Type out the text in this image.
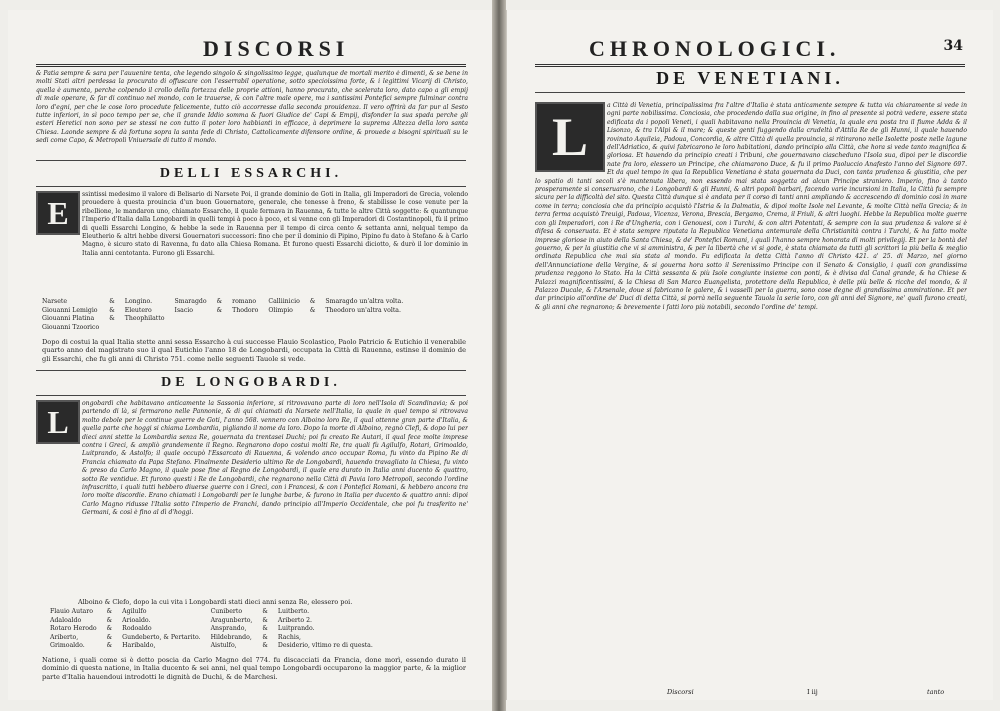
DISCORSI
& Patia sempre & sara per l'auuenire tenta, che legendo singolo & singolissimo legge, qualunque de mortali merito è dimenti, & se bene in molti Stati altri perdessa la procurato di offuscare con l'esserrabil operatione, sotto specioissima forte, & i legittimi Vicarij di Christo, quella è aumenta, perche colpendo il crollo della fortezza delle proprie attioni, hanno procurato, che scelerata loro, dato capo a gli empij di male operare, & far di continuo nel mondo, con le trauerse, & con l'altre male opere, ma i santissimi Pontefici sempre fulminar contra loro d'egni, per che le cose loro procedute felicemente, tutto ciò accorresse dalla seconda prouidenza. Il vero offrirà da far pur al Sesto tutte inferiori, in sì poco tempo per se, che il grande Iddio somma & fuori Giudice de' Capi & Empij, disfonder la sua spada perche gli esteri Heretici non sono per se stessi ne con tutto il poter loro habbianti in efficace, à deprimere la suprema Altezza della loro santa Chiesa. Laonde sempre & dà fortuna sopra la santa fede di Christo, Cattolicamente difensore ordine, & prouede a bisogni spirituali su le sedi come Capo, & Metropoli Vniuersale di tutto il mondo.
DELLI ESSARCHI.
E	ssintissi medesimo il valore di Belisario di Narsete Poi, il grande dominio de Goti in Italia, gli Imperadori de Grecia, volendo prouedere à questa prouincia d'un buon Gouernatore, generale, che tenesse à freno, & stabilisse le cose venute per la ribellione, le mandaron uno, chiamato Essarcho, il quale fermava in Rauenna, & tutte le altre Città soggette: & quantunque l'Imperio d'Italia dalla Longobardi in quelli tempi à poco à poco, et si venne con gli Imperadori di Costantinopoli, fù il primo di quelli Essarchi Longino, & hebbe la sede in Rauenna per il tempo di circa cento & settanta anni, nelqual tempo da Eleutherio & altri hebbe diversi Gouernatori successori: fino che per il dominio di Pipino, Pipino fu dato à Stefano & à Carlo Magno, è sicuro stato di Ravenna, fu dato alla Chiesa Romana. Et furono questi Essarchi diciotto, & durò il lor dominio in Italia anni centotanta. Furono gli Essarchi.
Narsete	&	Longino.	Smaragdo	&	romano	Calliinicio	&	Smaragdo un'altra volta.
Giouanni Lemigio	&	Eleutero	Isacio	&	Thodoro	Olimpio	&	Theodoro un'altra volta.
Giouanni Platina	&	Theophilatto						
Giouanni Tzoorico								
Dopo di costui la qual Italia stette anni sessa Essarcho à cui successe Flauio Scolastico, Paolo Patricio & Eutichio il venerabile quarto anno del magistrato suo il qual Eutichio l'anno 18 de Longobardi, occupata la Città di Rauenna, estinse il dominio de gli Essarchi, che fu gli anni di Christo 751. come nelle seguenti Tauole si vede.
DE LONGOBARDI.
L	ongobardi che habitavano anticamente la Sassonia inferiore, si ritrovavano parte di loro nell'Isola di Scandinavia; & poi partendo di là, si fermarono nelle Pannonie, & di qui chiamati da Narsete nell'Italia, la quale in quel tempo si ritrovava molto debole per le continue guerre de Goti, l'anno 568. vennero con Alboino loro Re, il qual ottenne gran parte d'Italia, & quella parte che hoggi si chiama Lombardia, pigliando il nome da loro. Dopo la morte di Alboino, regnò Clefi, & dopo lui per dieci anni stette la Lombardia senza Re, gouernata da trentasei Duchi; poi fu creato Re Autari, il qual fece molte imprese contra i Greci, & ampliò grandemente il Regno. Regnarono dopo costui molti Re, tra quali fù Agilulfo, Rotari, Grimoaldo, Luitprando, & Astolfo; il quale occupò l'Essarcato di Rauenna, & volendo anco occupar Roma, fu vinto da Pipino Re di Francia chiamato da Papa Stefano. Finalmente Desiderio ultimo Re de Longobardi, hauendo travagliato la Chiesa, fu vinto & preso da Carlo Magno, il quale pose fine al Regno de Longobardi, il quale era durato in Italia anni ducento & quattro, sotto Re ventidue. Et furono questi i Re de Longobardi, che regnarono nella Città di Pavia loro Metropoli, secondo l'ordine infrascritto, i quali tutti hebbero diuerse guerre con i Greci, con i Francesi, & con i Pontefici Romani, & hebbero ancora tra loro molte discordie. Erano chiamati i Longobardi per le lunghe barbe, & furono in Italia per ducento & quattro anni: dipoi Carlo Magno ridusse l'Italia sotto l'Imperio de Franchi, dando principio all'Imperio Occidentale, che poi fu trasferito ne' Germani, & così è fino al dì d'hoggi.
Alboino & Clefo, dopo la cui vita i Longobardi stati dieci anni senza Re, elessero poi.
Flauio Autaro	&	Agilulfo	Cuniberto	&	Luitberto.
Adaloaldo	&	Arioaldo.	Aragunberto,	&	Ariberto 2.
Rotaro Herodo	&	Rodoaldo	Ansprando,	&	Luitprando.
Ariberto,	&	Gundeberto, & Pertarito.	Hildebrando,	&	Rachis,
Grimoaldo.	&	Haribaldo,	Aistulfo,	&	Desiderio, vltimo re di questa.
Natione, i quali come si è detto poscia da Carlo Magno del 774. fu discacciati da Francia, done morì, essendo durato il dominio di questa natione, in Italia ducento & sei anni, nel qual tempo Longobardi occuparono la maggior parte, & la miglior parte d'Italia hauendoui introdotti le dignità de Duchi, & de Marchesi.
CHRONOLOGICI.	34
DE VENETIANI.
L
a Città di Venetia, principalissima fra l'altre d'Italia è stata anticamente sempre & tutta via chiaramente si vede in ogni parte nobilissima. Conciosia, che procedendo dalla sua origine, in fino al presente si potrà vedere, essere stata edificata da i popoli Veneti, i quali habitavano nella Prouincia di Venetia, la quale era posta tra il fiume Adda & il Lisonzo, & tra l'Alpi & il mare; & queste genti fuggendo dalla crudeltà d'Attila Re de gli Hunni, il quale hauendo rovinato Aquileia, Padoua, Concordia, & altre Città di quella prouincia, si ritirarono nelle Isolette poste nelle lagune dell'Adriatico, & quivi fabricarono le loro habitationi, dando principio alla Città, che hora si vede tanto magnifica & gloriosa. Et hauendo da principio creati i Tribuni, che gouernavano ciascheduno l'Isola sua, dipoi per le discordie nate fra loro, elessero un Principe, che chiamarono Duce, & fu il primo Paoluccio Anafesto l'anno del Signore 697. Et da quel tempo in qua la Republica Venetiana è stata gouernata da Duci, con tanta prudenza & giustitia, che per lo spatio di tanti secoli s'è mantenuta libera, non essendo mai stata soggetta ad alcun Principe straniero. Imperio, fino à tanto prosperamente si conseruarono, che i Longobardi & gli Hunni, & altri popoli barbari, facendo varie incursioni in Italia, la Città fu sempre sicura per la difficoltà del sito. Questa Città dunque si è andata per il corso di tanti anni ampliando & accrescendo di dominio così in mare come in terra; conciosia che da principio acquistò l'Istria & la Dalmatia, & dipoi molte Isole nel Levante, & molte Città nella Grecia; & in terra ferma acquistò Treuigi, Padoua, Vicenza, Verona, Brescia, Bergamo, Crema, il Friuli, & altri luoghi. Hebbe la Republica molte guerre con gli Imperadori, con i Re d'Ungheria, con i Genouesi, con i Turchi, & con altri Potentati, & sempre con la sua prudenza & valore si è difesa & conseruata. Et è stata sempre riputata la Republica Venetiana antemurale della Christianità contra i Turchi, & ha fatto molte imprese gloriose in aiuto della Santa Chiesa, & de' Pontefici Romani, i quali l'hanno sempre honorata di molti privilegij. Et per la bontà del gouerno, & per la giustitia che vi si amministra, & per la libertà che vi si gode, è stata chiamata da tutti gli scrittori la più bella & meglio ordinata Republica che mai sia stata al mondo. Fu edificata la detta Città l'anno di Christo 421. a' 25. di Marzo, nel giorno dell'Annunciatione della Vergine, & si gouerna hora sotto il Serenissimo Principe con il Senato & Consiglio, i quali con grandissima prudenza reggono lo Stato. Ha la Città sessanta & più Isole congiunte insieme con ponti, & è divisa dal Canal grande, & ha Chiese & Palazzi magnificentissimi, & la Chiesa di San Marco Euangelista, protettore della Republica, è delle più belle & ricche del mondo, & il Palazzo Ducale, & l'Arsenale, doue si fabricano le galere, & i vasselli per la guerra, sono cose degne di grandissima ammiratione. Et per dar principio all'ordine de' Duci di detta Città, si porrà nella seguente Tauola la serie loro, con gli anni del Signore, ne' quali furono creati, & gli anni che regnarono; & brevemente i fatti loro più notabili, secondo l'ordine de' tempi.
Discorsi	I iij	tanto
